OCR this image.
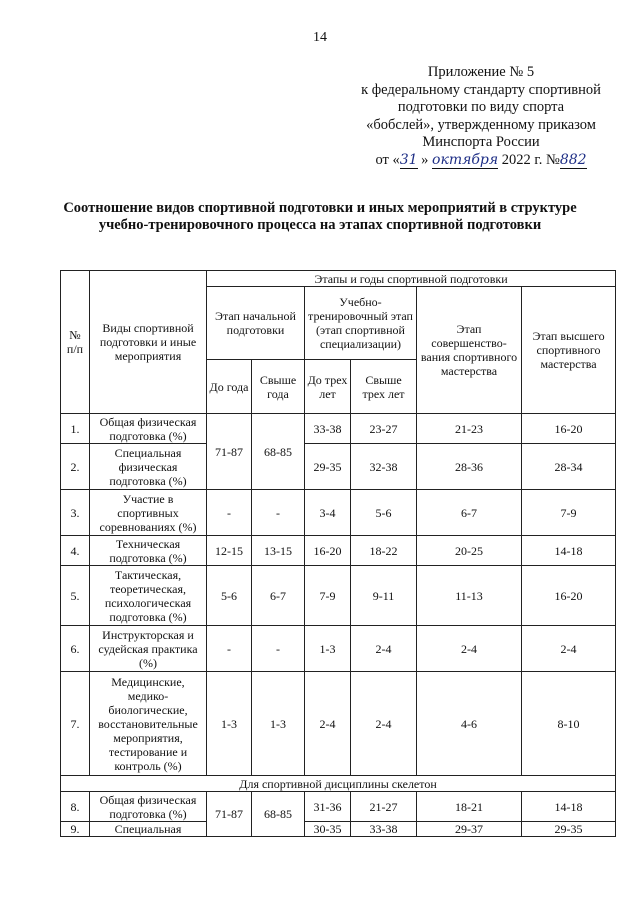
14
Приложение № 5
к федеральному стандарту спортивной
подготовки по виду спорта
«бобслей», утвержденному приказом
Минспорта России
от «31 » октября 2022 г. №882
Соотношение видов спортивной подготовки и иных мероприятий в структуре
учебно-тренировочного процесса на этапах спортивной подготовки
№ п/п	Виды спортивной подготовки и иные мероприятия	Этапы и годы спортивной подготовки					
		Этап начальной подготовки		Учебно-тренировочный этап (этап спортивной специализации)		Этап совершенство-вания спортивного мастерства	Этап высшего спортивного мастерства
		До года	Свыше года	До трех лет	Свыше трех лет		
1.	Общая физическая подготовка (%)	71-87	68-85	33-38	23-27	21-23	16-20
2.	Специальная физическая подготовка (%)			29-35	32-38	28-36	28-34
3.	Участие в спортивных соревнованиях (%)	-	-	3-4	5-6	6-7	7-9
4.	Техническая подготовка (%)	12-15	13-15	16-20	18-22	20-25	14-18
5.	Тактическая, теоретическая, психологическая подготовка (%)	5-6	6-7	7-9	9-11	11-13	16-20
6.	Инструкторская и судейская практика (%)	-	-	1-3	2-4	2-4	2-4
7.	Медицинские, медико-биологические, восстановительные мероприятия, тестирование и контроль (%)	1-3	1-3	2-4	2-4	4-6	8-10
Для спортивной дисциплины скелетон							
8.	Общая физическая подготовка (%)	71-87	68-85	31-36	21-27	18-21	14-18
9.	Специальная			30-35	33-38	29-37	29-35
